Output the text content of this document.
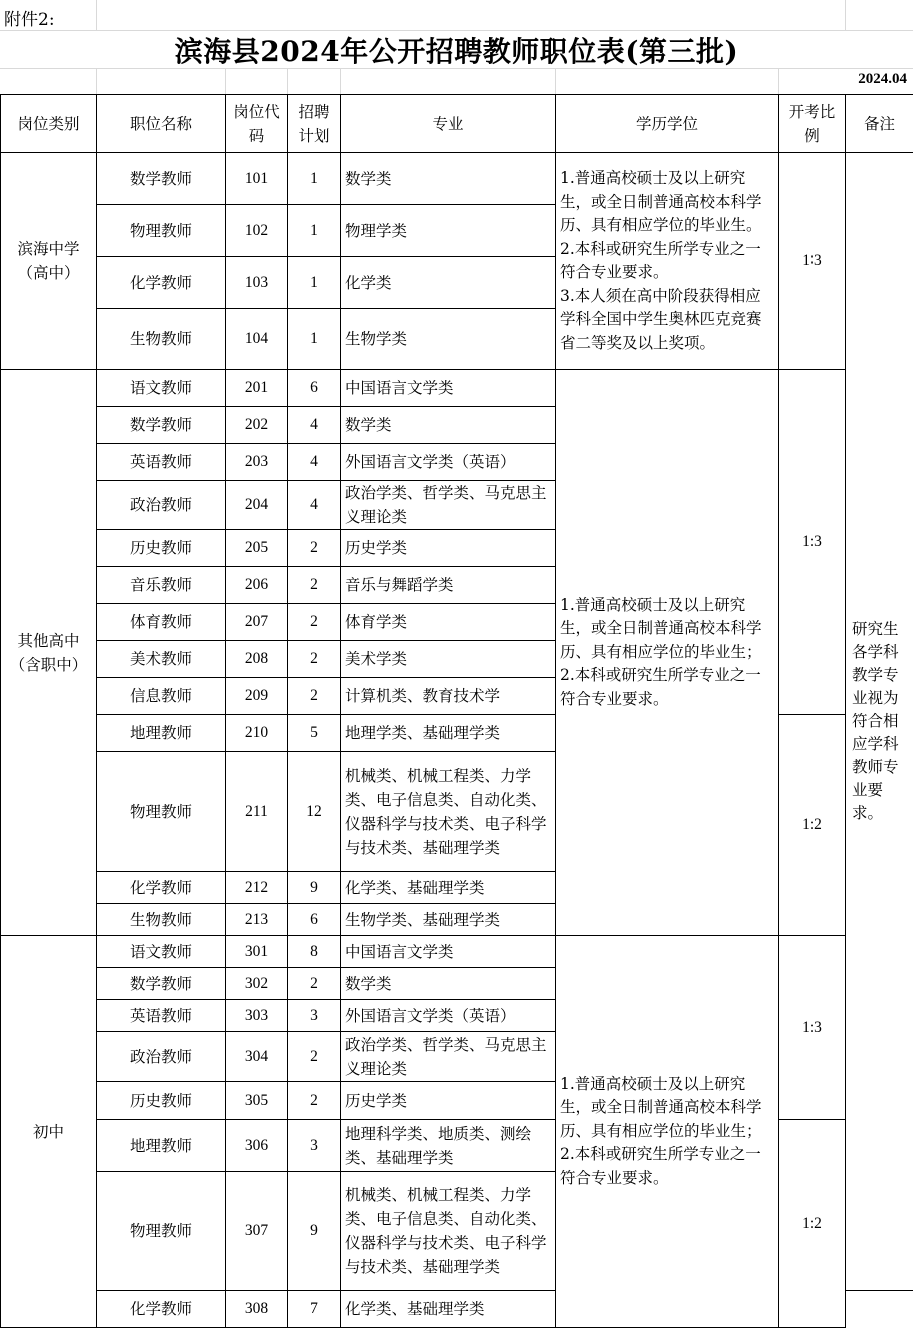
附件2:
滨海县2024年公开招聘教师职位表(第三批)
2024.04
岗位类别	职位名称	岗位代码	招聘计划	专业	学历学位	开考比例	备注
滨海中学（高中）	数学教师	101	1	数学类	1.普通高校硕士及以上研究生，或全日制普通高校本科学历、具有相应学位的毕业生。
2.本科或研究生所学专业之一符合专业要求。
3.本人须在高中阶段获得相应学科全国中学生奥林匹克竞赛省二等奖及以上奖项。	1∶3	研究生各学科教学专业视为符合相应学科教师专业要求。
	物理教师	102	1	物理学类			
	化学教师	103	1	化学类			
	生物教师	104	1	生物学类			
其他高中（含职中）	语文教师	201	6	中国语言文学类	1.普通高校硕士及以上研究生，或全日制普通高校本科学历、具有相应学位的毕业生；
2.本科或研究生所学专业之一符合专业要求。	1:3	
	数学教师	202	4	数学类			
	英语教师	203	4	外国语言文学类（英语）			
	政治教师	204	4	政治学类、哲学类、马克思主义理论类			
	历史教师	205	2	历史学类			
	音乐教师	206	2	音乐与舞蹈学类			
	体育教师	207	2	体育学类			
	美术教师	208	2	美术学类			
	信息教师	209	2	计算机类、教育技术学			
	地理教师	210	5	地理学类、基础理学类		1:2	
	物理教师	211	12	机械类、机械工程类、力学类、电子信息类、自动化类、仪器科学与技术类、电子科学与技术类、基础理学类			
	化学教师	212	9	化学类、基础理学类			
	生物教师	213	6	生物学类、基础理学类			
初中	语文教师	301	8	中国语言文学类	1.普通高校硕士及以上研究生，或全日制普通高校本科学历、具有相应学位的毕业生；
2.本科或研究生所学专业之一符合专业要求。	1:3	
	数学教师	302	2	数学类			
	英语教师	303	3	外国语言文学类（英语）			
	政治教师	304	2	政治学类、哲学类、马克思主义理论类			
	历史教师	305	2	历史学类			
	地理教师	306	3	地理科学类、地质类、测绘类、基础理学类		1:2	
	物理教师	307	9	机械类、机械工程类、力学类、电子信息类、自动化类、仪器科学与技术类、电子科学与技术类、基础理学类			
	化学教师	308	7	化学类、基础理学类			
